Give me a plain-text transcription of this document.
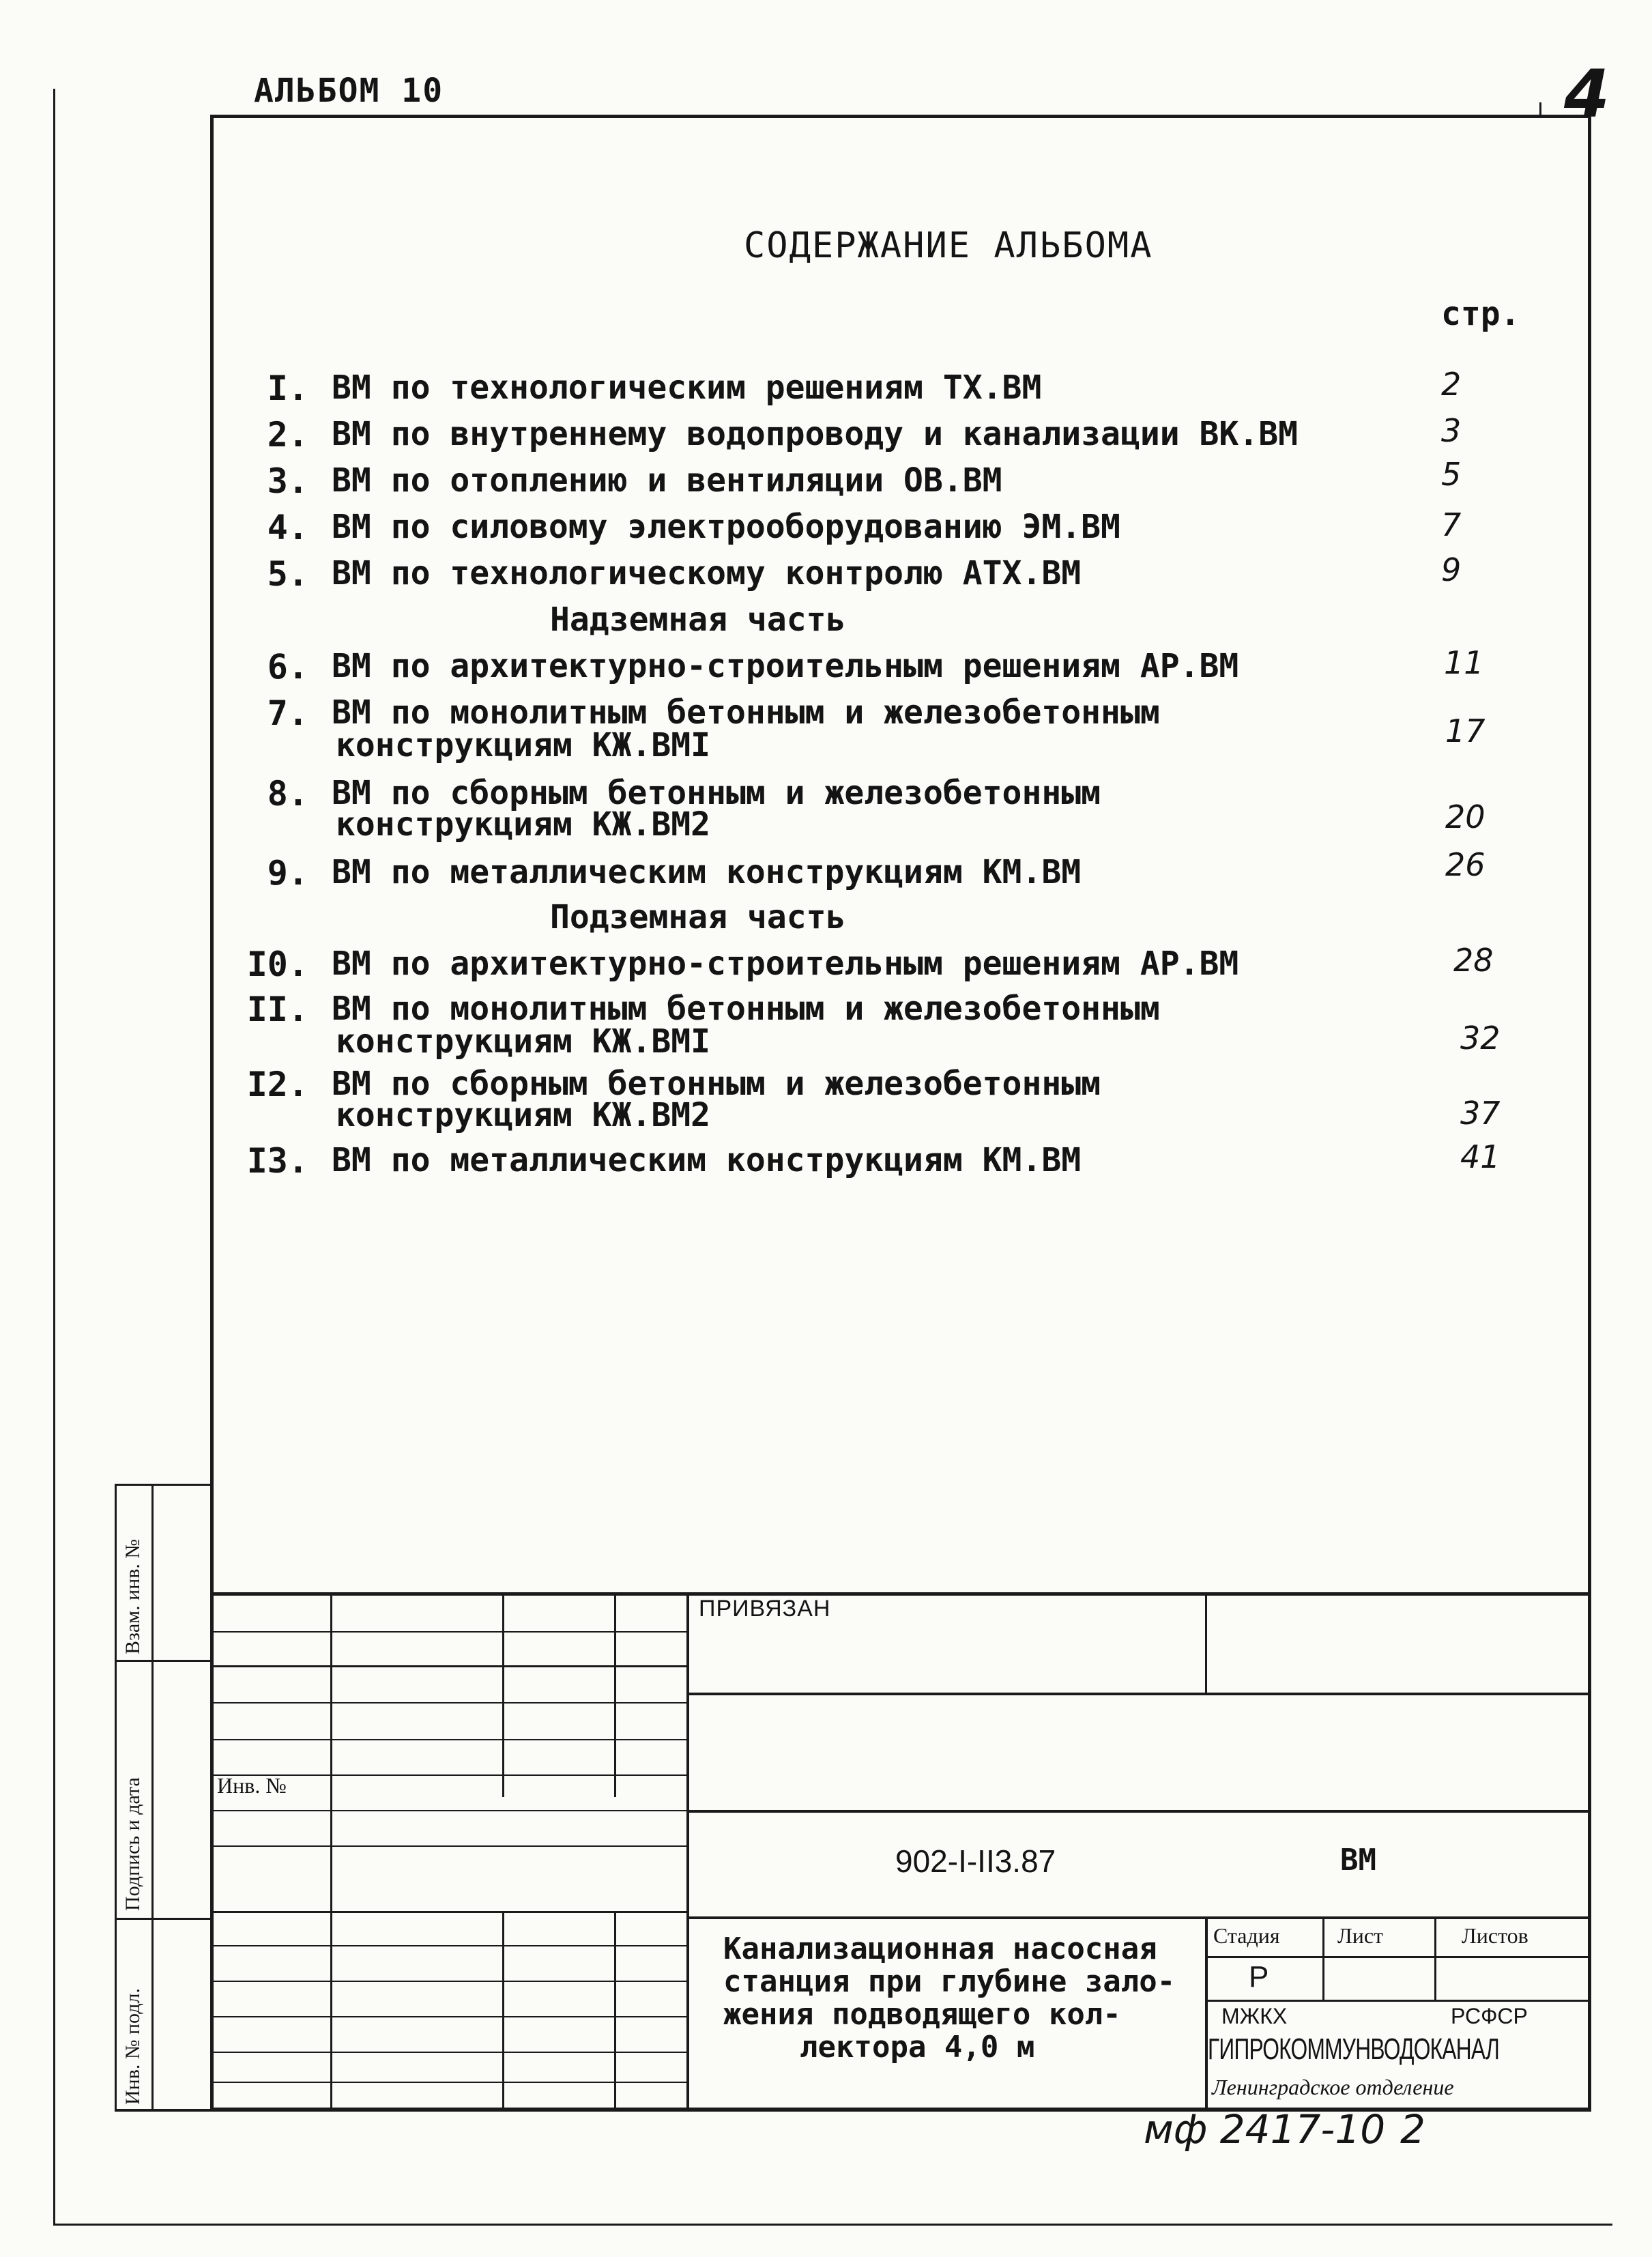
АЛЬБОМ 10	4
СОДЕРЖАНИЕ АЛЬБОМА
стр.
I. ВМ по технологическим решениям ТХ.ВМ	2
2. ВМ по внутреннему водопроводу и канализации ВК.ВМ	3
3. ВМ по отоплению и вентиляции ОВ.ВМ	5
4. ВМ по силовому электрооборудованию ЭМ.ВМ	7
5. ВМ по технологическому контролю АТХ.ВМ	9
Надземная часть
6. ВМ по архитектурно-строительным решениям АР.ВМ	11
7. ВМ по монолитным бетонным и железобетонным
конструкциям КЖ.ВМI	17
8. ВМ по сборным бетонным и железобетонным
конструкциям КЖ.ВМ2	20
9. ВМ по металлическим конструкциям КМ.ВМ	26
Подземная часть
I0. ВМ по архитектурно-строительным решениям АР.ВМ	28
II. ВМ по монолитным бетонным и железобетонным
конструкциям КЖ.ВМI	32
I2. ВМ по сборным бетонным и железобетонным
конструкциям КЖ.ВМ2	37
I3. ВМ по металлическим конструкциям КМ.ВМ	41
Инв. №
ПРИВЯЗАН
902-I-II3.87	ВМ
Канализационная насосная
станция при глубине зало-
жения подводящего кол-
лектора 4,0 м
Стадия	Лист	Листов
Р
МЖКХ	РСФСР
ГИПРОКОММУНВОДОКАНАЛ
Ленинградское отделение
Взам. инв. №
Подпись и дата
Инв. № подл.
мф 2417-10 2
